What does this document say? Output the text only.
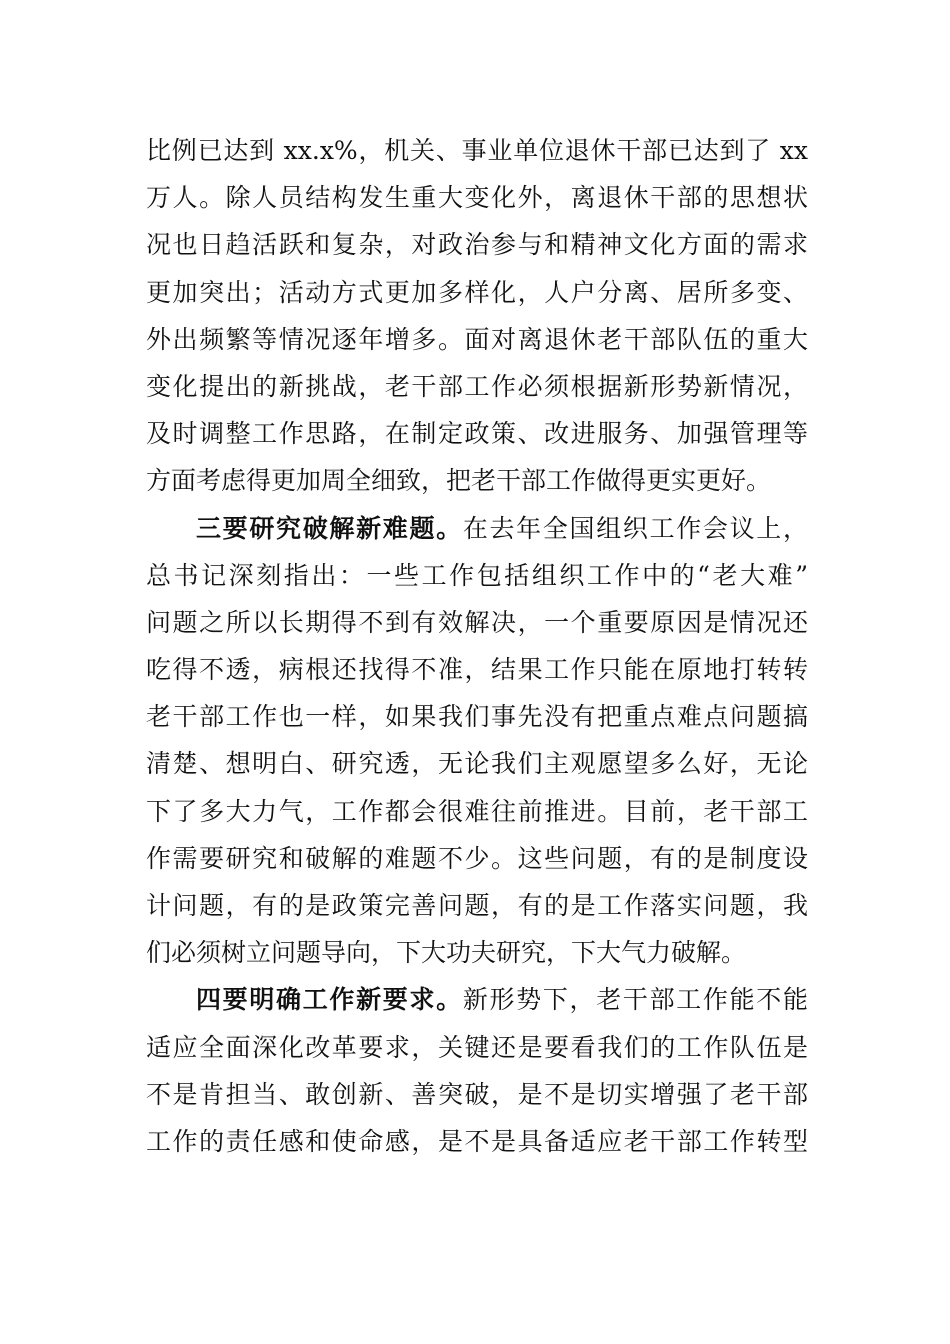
比例已达到 xx.x%，机关、事业单位退休干部已达到了 xx
万人。除人员结构发生重大变化外，离退休干部的思想状
况也日趋活跃和复杂，对政治参与和精神文化方面的需求
更加突出；活动方式更加多样化，人户分离、居所多变、
外出频繁等情况逐年增多。面对离退休老干部队伍的重大
变化提出的新挑战，老干部工作必须根据新形势新情况，
及时调整工作思路，在制定政策、改进服务、加强管理等
方面考虑得更加周全细致，把老干部工作做得更实更好。
三要研究破解新难题。在去年全国组织工作会议上，
总书记深刻指出：一些工作包括组织工作中的“老大难”
问题之所以长期得不到有效解决，一个重要原因是情况还
吃得不透，病根还找得不准，结果工作只能在原地打转转
老干部工作也一样，如果我们事先没有把重点难点问题搞
清楚、想明白、研究透，无论我们主观愿望多么好，无论
下了多大力气，工作都会很难往前推进。目前，老干部工
作需要研究和破解的难题不少。这些问题，有的是制度设
计问题，有的是政策完善问题，有的是工作落实问题，我
们必须树立问题导向，下大功夫研究，下大气力破解。
四要明确工作新要求。新形势下，老干部工作能不能
适应全面深化改革要求，关键还是要看我们的工作队伍是
不是肯担当、敢创新、善突破，是不是切实增强了老干部
工作的责任感和使命感，是不是具备适应老干部工作转型
